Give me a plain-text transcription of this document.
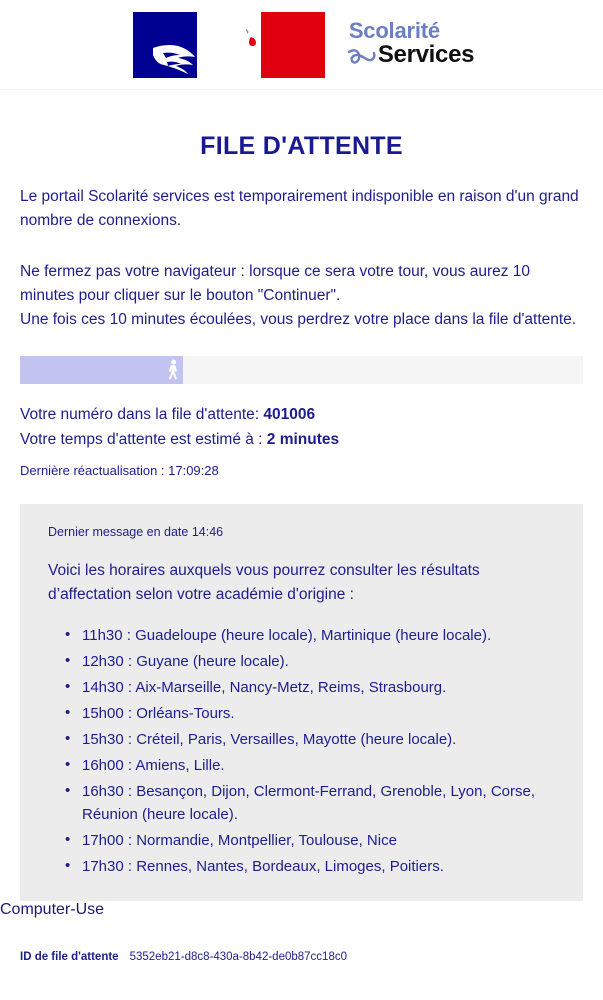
Scolarité
Services
FILE D'ATTENTE

Le portail Scolarité services est temporairement indisponible en raison d'un grand nombre de connexions.

Ne fermez pas votre navigateur : lorsque ce sera votre tour, vous aurez 10 minutes pour cliquer sur le bouton "Continuer".
Une fois ces 10 minutes écoulées, vous perdrez votre place dans la file d'attente.

Votre numéro dans la file d'attente: 401006
Votre temps d'attente est estimé à : 2 minutes
Dernière réactualisation : 17:09:28
Dernier message en date 14:46
Voici les horaires auxquels vous pourrez consulter les résultats d’affectation selon votre académie d'origine :
• 11h30 : Guadeloupe (heure locale), Martinique (heure locale).
• 12h30 : Guyane (heure locale).
• 14h30 : Aix-Marseille, Nancy-Metz, Reims, Strasbourg.
• 15h00 : Orléans-Tours.
• 15h30 : Créteil, Paris, Versailles, Mayotte (heure locale).
• 16h00 : Amiens, Lille.
• 16h30 : Besançon, Dijon, Clermont-Ferrand, Grenoble, Lyon, Corse, Réunion (heure locale).
• 17h00 : Normandie, Montpellier, Toulouse, Nice
• 17h30 : Rennes, Nantes, Bordeaux, Limoges, Poitiers.
ID de file d'attente 5352eb21-d8c8-430a-8b42-de0b87cc18c0
Computer-Use
